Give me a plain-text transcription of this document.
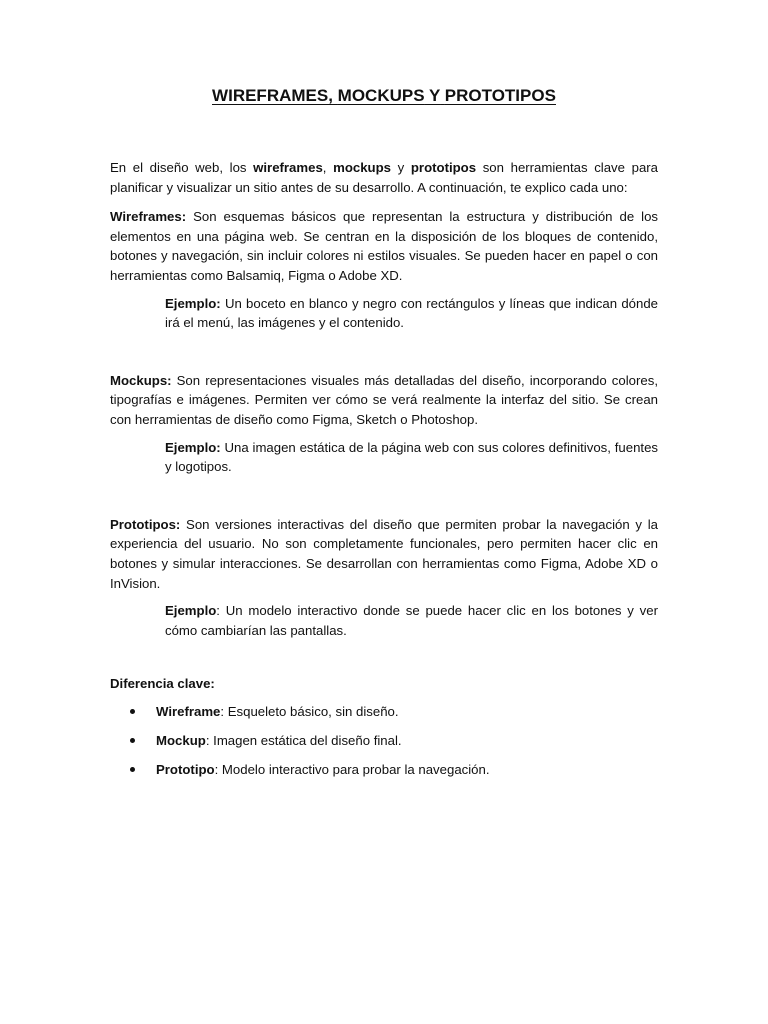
WIREFRAMES, MOCKUPS Y PROTOTIPOS

En el diseño web, los wireframes, mockups y prototipos son herramientas clave para planificar y visualizar un sitio antes de su desarrollo. A continuación, te explico cada uno:

Wireframes: Son esquemas básicos que representan la estructura y distribución de los elementos en una página web. Se centran en la disposición de los bloques de contenido, botones y navegación, sin incluir colores ni estilos visuales. Se pueden hacer en papel o con herramientas como Balsamiq, Figma o Adobe XD.

Ejemplo: Un boceto en blanco y negro con rectángulos y líneas que indican dónde irá el menú, las imágenes y el contenido.

Mockups: Son representaciones visuales más detalladas del diseño, incorporando colores, tipografías e imágenes. Permiten ver cómo se verá realmente la interfaz del sitio. Se crean con herramientas de diseño como Figma, Sketch o Photoshop.

Ejemplo: Una imagen estática de la página web con sus colores definitivos, fuentes y logotipos.

Prototipos: Son versiones interactivas del diseño que permiten probar la navegación y la experiencia del usuario. No son completamente funcionales, pero permiten hacer clic en botones y simular interacciones. Se desarrollan con herramientas como Figma, Adobe XD o InVision.

Ejemplo: Un modelo interactivo donde se puede hacer clic en los botones y ver cómo cambiarían las pantallas.

Diferencia clave:

Wireframe: Esqueleto básico, sin diseño.
Mockup: Imagen estática del diseño final.
Prototipo: Modelo interactivo para probar la navegación.
